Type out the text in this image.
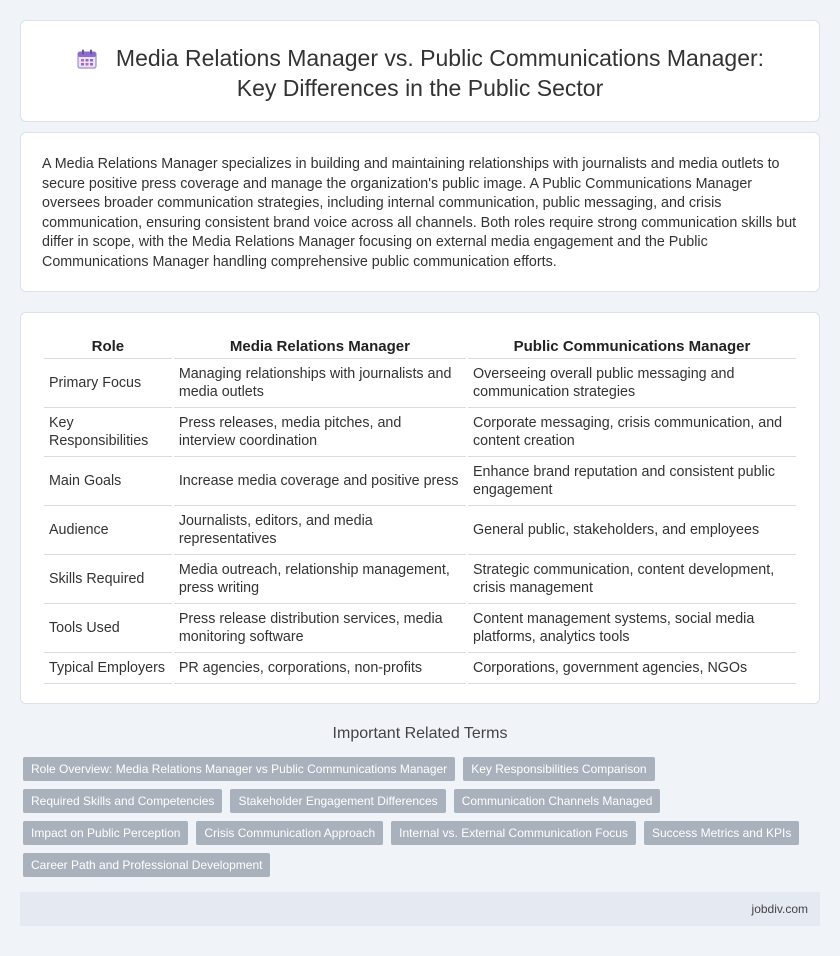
Media Relations Manager vs. Public Communications Manager:
Key Differences in the Public Sector

A Media Relations Manager specializes in building and maintaining relationships with journalists and media outlets to secure positive press coverage and manage the organization's public image. A Public Communications Manager oversees broader communication strategies, including internal communication, public messaging, and crisis communication, ensuring consistent brand voice across all channels. Both roles require strong communication skills but differ in scope, with the Media Relations Manager focusing on external media engagement and the Public Communications Manager handling comprehensive public communication efforts.

Role	Media Relations Manager	Public Communications Manager
Primary Focus	Managing relationships with journalists and media outlets	Overseeing overall public messaging and communication strategies
Key Responsibilities	Press releases, media pitches, and interview coordination	Corporate messaging, crisis communication, and content creation
Main Goals	Increase media coverage and positive press	Enhance brand reputation and consistent public engagement
Audience	Journalists, editors, and media representatives	General public, stakeholders, and employees
Skills Required	Media outreach, relationship management, press writing	Strategic communication, content development, crisis management
Tools Used	Press release distribution services, media monitoring software	Content management systems, social media platforms, analytics tools
Typical Employers	PR agencies, corporations, non-profits	Corporations, government agencies, NGOs
Important Related Terms
Role Overview: Media Relations Manager vs Public Communications Manager	Key Responsibilities Comparison
Required Skills and Competencies	Stakeholder Engagement Differences	Communication Channels Managed
Impact on Public Perception	Crisis Communication Approach	Internal vs. External Communication Focus	Success Metrics and KPIs
Career Path and Professional Development
jobdiv.com
